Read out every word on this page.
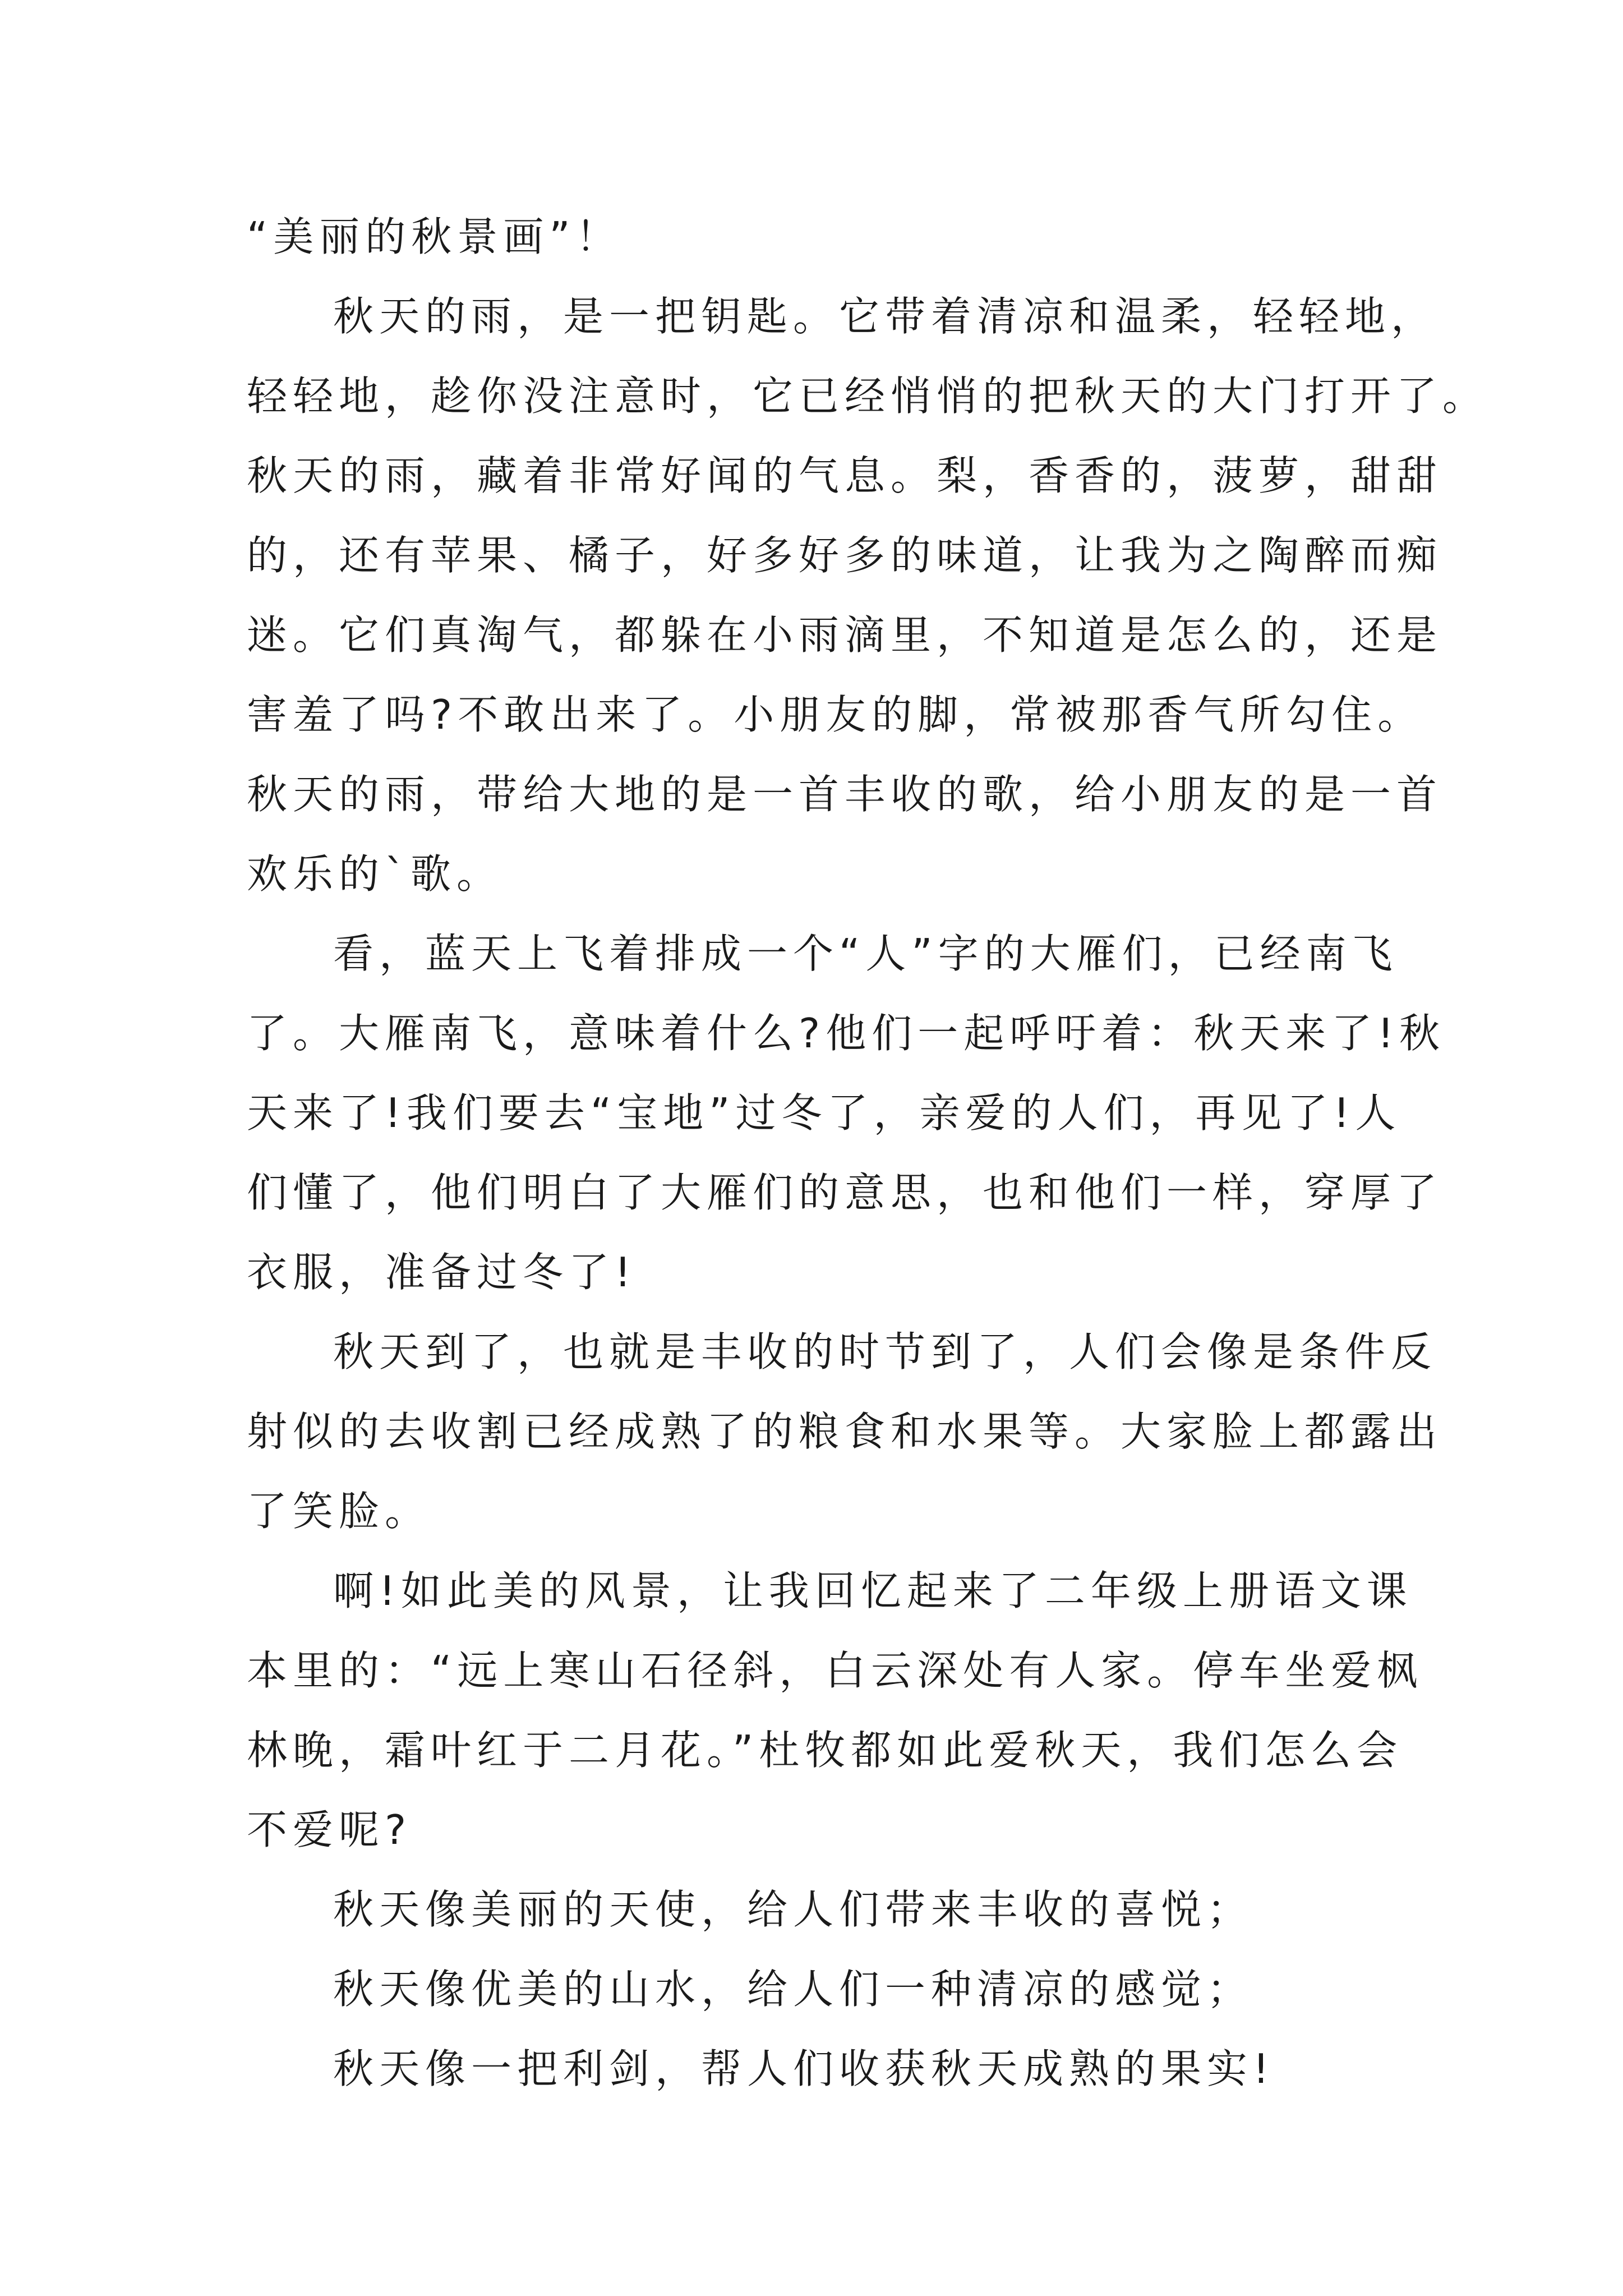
“美丽的秋景画”！

秋天的雨，是一把钥匙。它带着清凉和温柔，轻轻地，

轻轻地，趁你没注意时，它已经悄悄的把秋天的大门打开了。

秋天的雨，藏着非常好闻的气息。梨，香香的，菠萝，甜甜

的，还有苹果、橘子，好多好多的味道，让我为之陶醉而痴

迷。它们真淘气，都躲在小雨滴里，不知道是怎么的，还是

害羞了吗?不敢出来了。小朋友的脚，常被那香气所勾住。

秋天的雨，带给大地的是一首丰收的歌，给小朋友的是一首

欢乐的`歌。

看，蓝天上飞着排成一个“人”字的大雁们，已经南飞

了。大雁南飞，意味着什么?他们一起呼吁着：秋天来了!秋

天来了!我们要去“宝地”过冬了，亲爱的人们，再见了!人

们懂了，他们明白了大雁们的意思，也和他们一样，穿厚了

衣服，准备过冬了!

秋天到了，也就是丰收的时节到了，人们会像是条件反

射似的去收割已经成熟了的粮食和水果等。大家脸上都露出

了笑脸。

啊!如此美的风景，让我回忆起来了二年级上册语文课

本里的：“远上寒山石径斜，白云深处有人家。停车坐爱枫

林晚，霜叶红于二月花。”杜牧都如此爱秋天，我们怎么会

不爱呢?

秋天像美丽的天使，给人们带来丰收的喜悦；

秋天像优美的山水，给人们一种清凉的感觉；

秋天像一把利剑，帮人们收获秋天成熟的果实!
